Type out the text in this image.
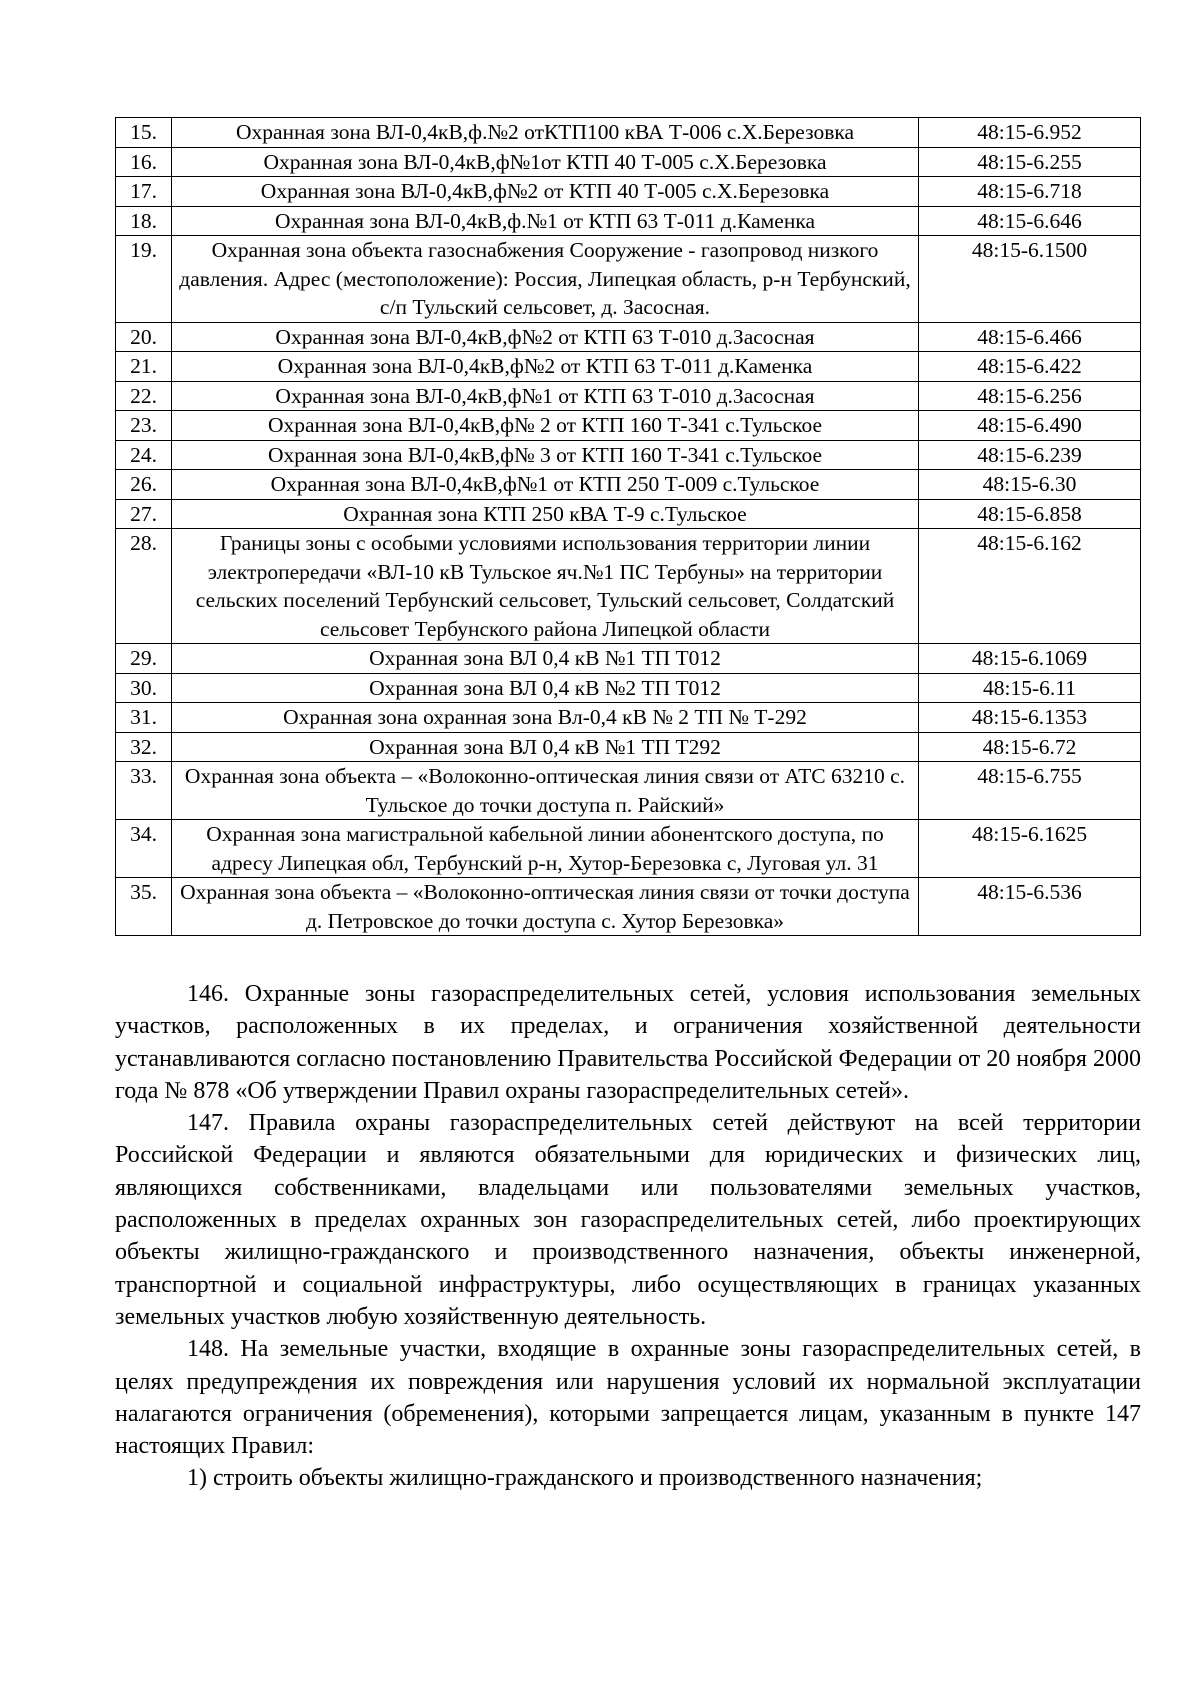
15.	Охранная зона ВЛ-0,4кВ,ф.№2 отКТП100 кВА Т-006 с.Х.Березовка	48:15-6.952
16.	Охранная зона ВЛ-0,4кВ,ф№1от КТП 40 Т-005 с.Х.Березовка	48:15-6.255
17.	Охранная зона ВЛ-0,4кВ,ф№2 от КТП 40 Т-005 с.Х.Березовка	48:15-6.718
18.	Охранная зона ВЛ-0,4кВ,ф.№1 от КТП 63 Т-011 д.Каменка	48:15-6.646
19.	Охранная зона объекта газоснабжения Сооружение - газопровод низкого давления. Адрес (местоположение): Россия, Липецкая область, р-н Тербунский, с/п Тульский сельсовет, д. Засосная.	48:15-6.1500
20.	Охранная зона ВЛ-0,4кВ,ф№2 от КТП 63 Т-010 д.Засосная	48:15-6.466
21.	Охранная зона ВЛ-0,4кВ,ф№2 от КТП 63 Т-011 д.Каменка	48:15-6.422
22.	Охранная зона ВЛ-0,4кВ,ф№1 от КТП 63 Т-010 д.Засосная	48:15-6.256
23.	Охранная зона ВЛ-0,4кВ,ф№ 2 от КТП 160 Т-341 с.Тульское	48:15-6.490
24.	Охранная зона ВЛ-0,4кВ,ф№ 3 от КТП 160 Т-341 с.Тульское	48:15-6.239
26.	Охранная зона ВЛ-0,4кВ,ф№1 от КТП 250 Т-009 с.Тульское	48:15-6.30
27.	Охранная зона КТП 250 кВА Т-9 с.Тульское	48:15-6.858
28.	Границы зоны с особыми условиями использования территории линии электропередачи «ВЛ-10 кВ Тульское яч.№1 ПС Тербуны» на территории сельских поселений Тербунский сельсовет, Тульский сельсовет, Солдатский сельсовет Тербунского района Липецкой области	48:15-6.162
29.	Охранная зона ВЛ 0,4 кВ №1 ТП Т012	48:15-6.1069
30.	Охранная зона ВЛ 0,4 кВ №2 ТП Т012	48:15-6.11
31.	Охранная зона охранная зона Вл-0,4 кВ № 2 ТП № Т-292	48:15-6.1353
32.	Охранная зона ВЛ 0,4 кВ №1 ТП Т292	48:15-6.72
33.	Охранная зона объекта – «Волоконно-оптическая линия связи от АТС 63210 с. Тульское до точки доступа п. Райский»	48:15-6.755
34.	Охранная зона магистральной кабельной линии абонентского доступа, по адресу Липецкая обл, Тербунский р-н, Хутор-Березовка с, Луговая ул. 31	48:15-6.1625
35.	Охранная зона объекта – «Волоконно-оптическая линия связи от точки доступа д. Петровское до точки доступа с. Хутор Березовка»	48:15-6.536

146. Охранные зоны газораспределительных сетей, условия использования земельных участков, расположенных в их пределах, и ограничения хозяйственной деятельности устанавливаются согласно постановлению Правительства Российской Федерации от 20 ноября 2000 года № 878 «Об утверждении Правил охраны газораспределительных сетей».

147. Правила охраны газораспределительных сетей действуют на всей территории Российской Федерации и являются обязательными для юридических и физических лиц, являющихся собственниками, владельцами или пользователями земельных участков, расположенных в пределах охранных зон газораспределительных сетей, либо проектирующих объекты жилищно-гражданского и производственного назначения, объекты инженерной, транспортной и социальной инфраструктуры, либо осуществляющих в границах указанных земельных участков любую хозяйственную деятельность.

148. На земельные участки, входящие в охранные зоны газораспределительных сетей, в целях предупреждения их повреждения или нарушения условий их нормальной эксплуатации налагаются ограничения (обременения), которыми запрещается лицам, указанным в пункте 147 настоящих Правил:

1) строить объекты жилищно-гражданского и производственного назначения;
